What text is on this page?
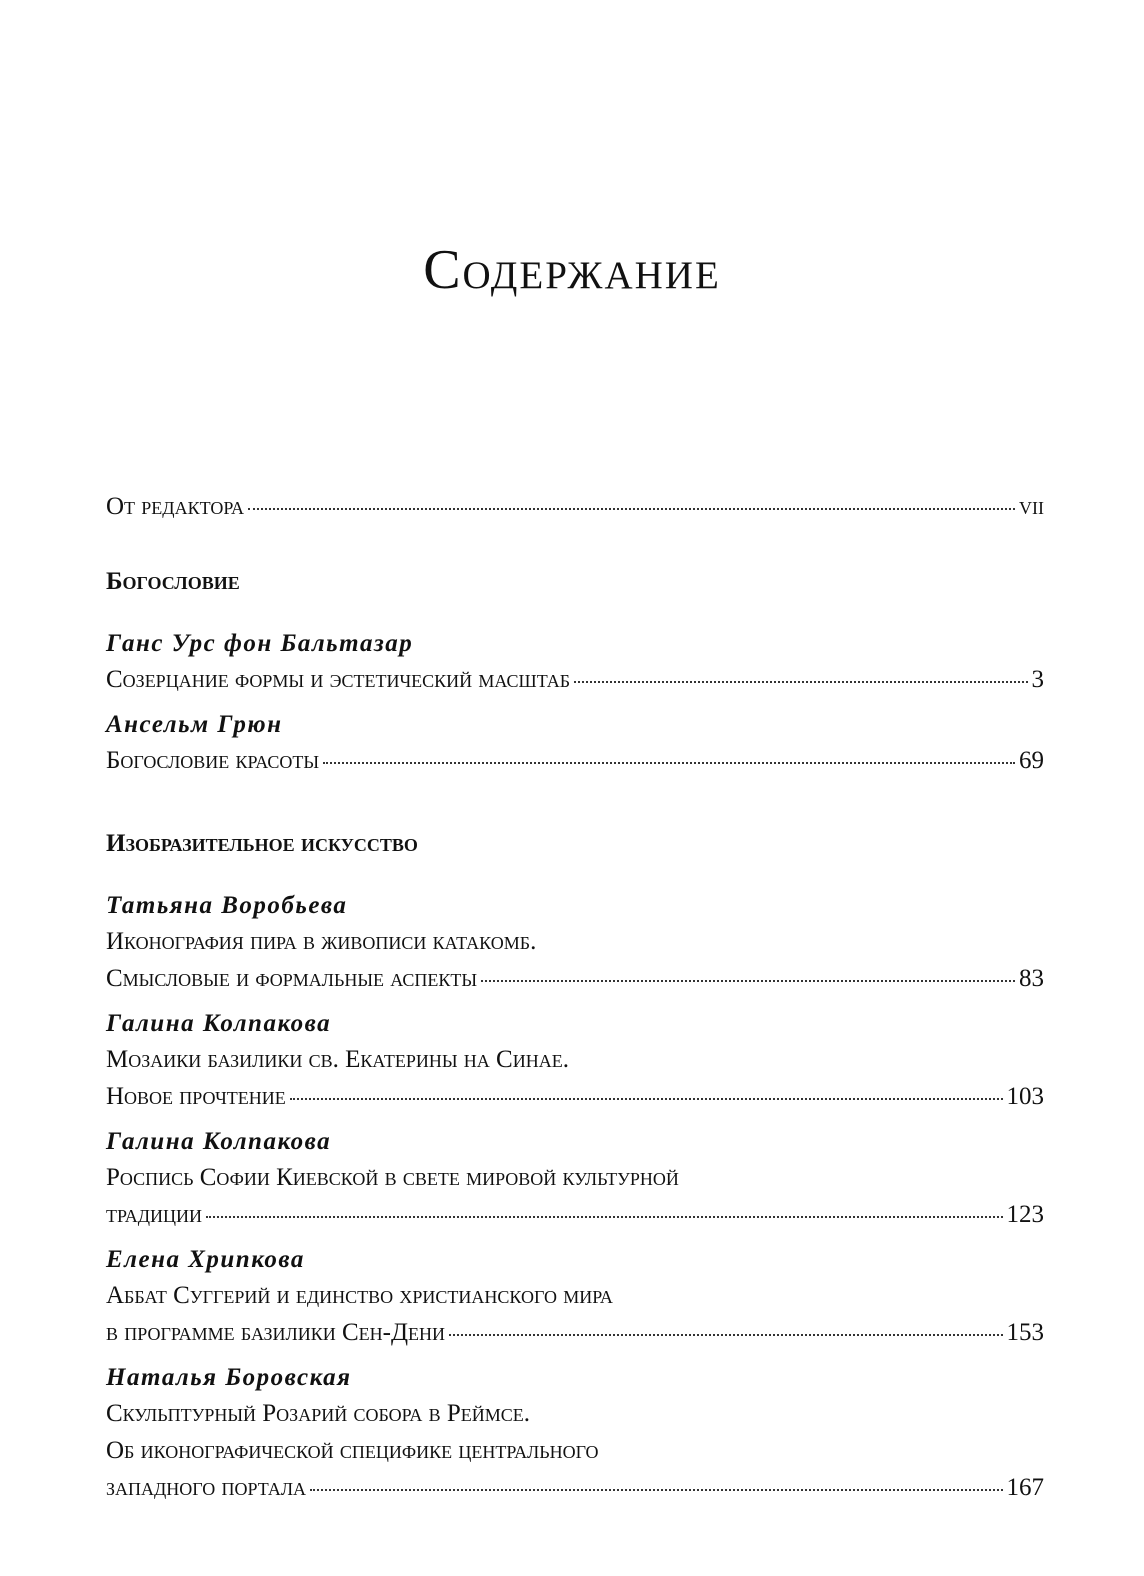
Содержание
От редактора	vii
Богословие
Ганс Урс фон Бальтазар
Созерцание формы и эстетический масштаб	3
Ансельм Грюн
Богословие красоты	69
Изобразительное искусство
Татьяна Воробьева
Иконография пира в живописи катакомб.
Смысловые и формальные аспекты	83
Галина Колпакова
Мозаики базилики св. Екатерины на Синае.
Новое прочтение	103
Галина Колпакова
Роспись Софии Киевской в свете мировой культурной
традиции	123
Елена Хрипкова
Аббат Суггерий и единство христианского мира
в программе базилики Сен-Дени	153
Наталья Боровская
Скульптурный Розарий собора в Реймсе.
Об иконографической специфике центрального
западного портала	167
